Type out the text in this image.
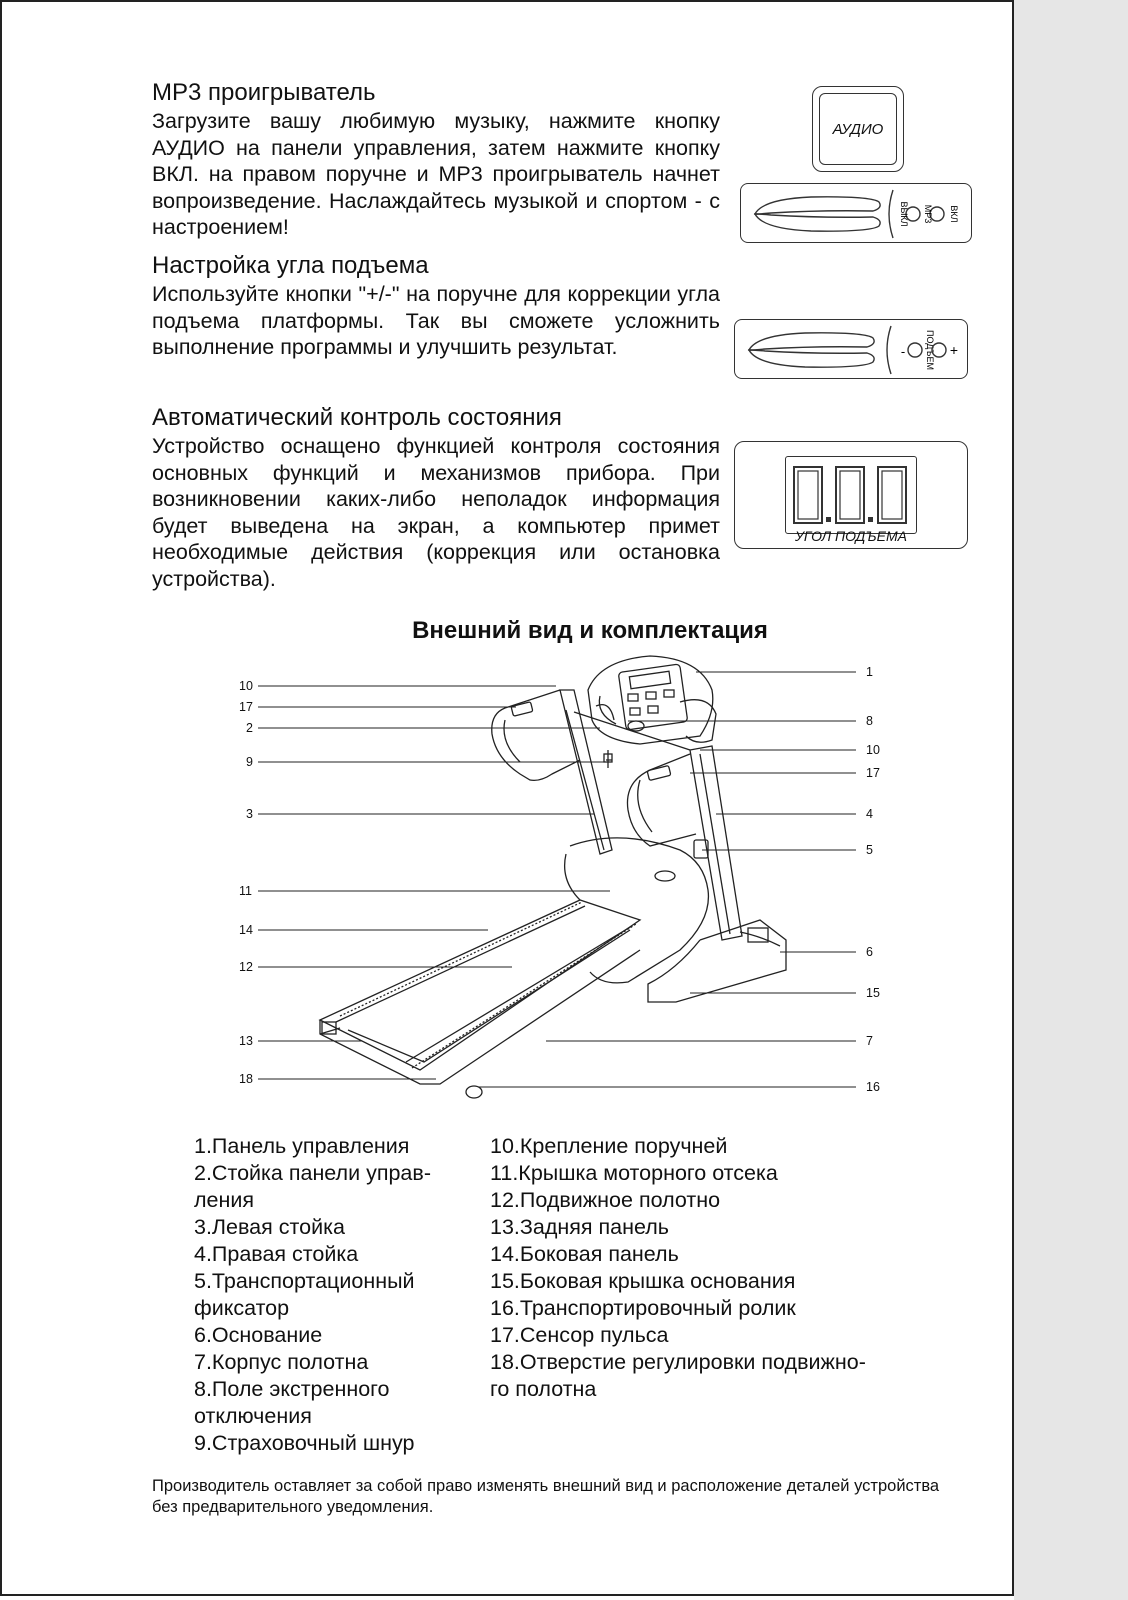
MP3 проигрыватель

Загрузите вашу любимую музыку, нажмите кнопку АУДИО на панели управления, затем нажмите кнопку ВКЛ. на правом поручне и MP3 проигрыватель начнет вопроизведение. Наслаждайтесь музыкой и спортом - с настроением!

Настройка угла подъема

Используйте кнопки "+/-" на поручне для коррекции угла подъема платформы. Так вы сможете усложнить выполнение программы и улучшить результат.

Автоматический контроль состояния

Устройство оснащено функцией контроля состояния основных функций и механизмов прибора. При возникновении каких-либо неполадок информация будет выведена на экран, а компьютер примет необходимые действия (коррекция или остановка устройства).

АУДИО
ВЫКЛ MP3 ВКЛ
- ПОДЪЕМ +
УГОЛ ПОДЪЕМА
Внешний вид и комплектация
10
17
2
9
3
11
14
12
13
18
1
8
10
17
4
5
6
15
7
16
1.Панель управления
2.Стойка панели управ-
ления
3.Левая стойка
4.Правая стойка
5.Транспортационный
фиксатор
6.Основание
7.Корпус полотна
8.Поле экстренного
отключения
9.Страховочный шнур
10.Крепление поручней
11.Крышка моторного отсека
12.Подвижное полотно
13.Задняя панель
14.Боковая панель
15.Боковая крышка основания
16.Транспортировочный ролик
17.Сенсор пульса
18.Отверстие регулировки подвижно-
го полотна

Производитель оставляет за собой право изменять внешний вид и расположение деталей устройства без предварительного уведомления.
